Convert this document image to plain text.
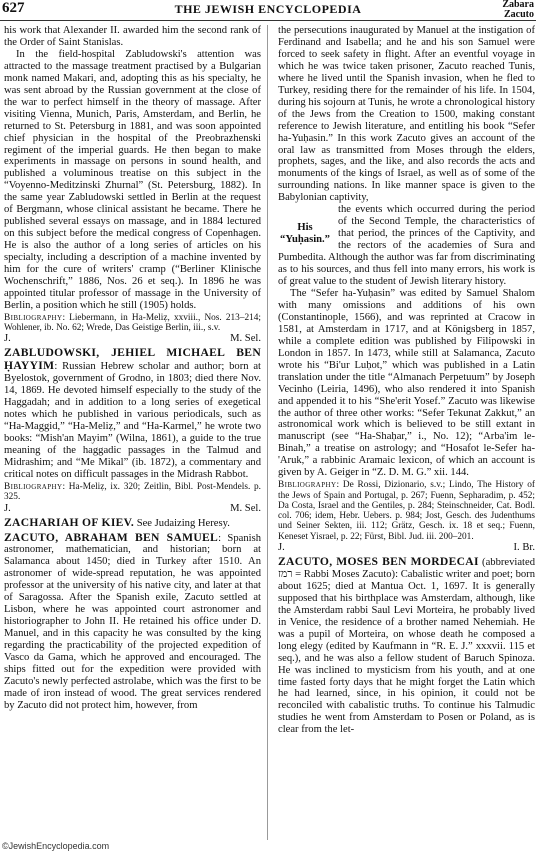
627	THE JEWISH ENCYCLOPEDIA	Zabara
Zacuto

his work that Alexander II. awarded him the second rank of the Order of Saint Stanislas.

In the field-hospital Zabludowski's attention was attracted to the massage treatment practised by a Bulgarian monk named Makari, and, adopting this as his specialty, he was sent abroad by the Russian government at the close of the war to perfect himself in the theory of massage. After visiting Vienna, Munich, Paris, Amsterdam, and Berlin, he returned to St. Petersburg in 1881, and was soon appointed chief physician in the hospital of the Preobrazhenski regiment of the imperial guards. He then began to make experiments in massage on persons in sound health, and published a voluminous treatise on this subject in the “Voyenno-Meditzinski Zhurnal” (St. Petersburg, 1882). In the same year Zabludowski settled in Berlin at the request of Bergmann, whose clinical assistant he became. There he published several essays on massage, and in 1884 lectured on this subject before the medical congress of Copenhagen. He is also the author of a long series of articles on his specialty, including a description of a machine invented by him for the cure of writers' cramp (“Berliner Klinische Wochenschrift,” 1886, Nos. 26 et seq.). In 1896 he was appointed titular professor of massage in the University of Berlin, a position which he still (1905) holds.

Bibliography: Liebermann, in Ha-Meliẓ, xxviii., Nos. 213–214; Wohlener, ib. No. 62; Wrede, Das Geistige Berlin, iii., s.v.

J.	M. Sel.

ZABLUDOWSKI, JEHIEL MICHAEL BEN ḤAYYIM: Russian Hebrew scholar and author; born at Byelostok, government of Grodno, in 1803; died there Nov. 14, 1869. He devoted himself especially to the study of the Haggadah; and in addition to a long series of exegetical notes which he published in various periodicals, such as “Ha-Maggid,” “Ha-Meliẓ,” and “Ha-Karmel,” he wrote two books: “Mish'an Mayim” (Wilna, 1861), a guide to the true meaning of the haggadic passages in the Talmud and Midrashim; and “Me Mikal” (ib. 1872), a commentary and critical notes on difficult passages in the Midrash Rabbot.

Bibliography: Ha-Meliẓ, ix. 320; Zeitlin, Bibl. Post-Mendels. p. 325.

J.	M. Sel.

ZACHARIAH OF KIEV. See Judaizing Heresy.

ZACUTO, ABRAHAM BEN SAMUEL: Spanish astronomer, mathematician, and historian; born at Salamanca about 1450; died in Turkey after 1510. An astronomer of wide-spread reputation, he was appointed professor at the university of his native city, and later at that of Saragossa. After the Spanish exile, Zacuto settled at Lisbon, where he was appointed court astronomer and historiographer to John II. He retained his office under D. Manuel, and in this capacity he was consulted by the king regarding the practicability of the projected expedition of Vasco da Gama, which he approved and encouraged. The ships fitted out for the expedition were provided with Zacuto's newly perfected astrolabe, which was the first to be made of iron instead of wood. The great services rendered by Zacuto did not protect him, however, from

the persecutions inaugurated by Manuel at the instigation of Ferdinand and Isabella; and he and his son Samuel were forced to seek safety in flight. After an eventful voyage in which he was twice taken prisoner, Zacuto reached Tunis, where he lived until the Spanish invasion, when he fled to Turkey, residing there for the remainder of his life. In 1504, during his sojourn at Tunis, he wrote a chronological history of the Jews from the Creation to 1500, making constant reference to Jewish literature, and entitling his book “Sefer ha-Yuḥasin.” In this work Zacuto gives an account of the oral law as transmitted from Moses through the elders, prophets, sages, and the like, and also records the acts and monuments of the kings of Israel, as well as of some of the surrounding nations. In like manner space is given to the Babylonian captivity,

His “Yuḥasin.”

the events which occurred during the period of the Second Temple, the characteristics of that period, the princes of the Captivity, and the rectors of the academies of Sura and Pumbedita. Although the author was far from discriminating as to his sources, and thus fell into many errors, his work is of great value to the student of Jewish literary history.

The “Sefer ha-Yuḥasin” was edited by Samuel Shalom with many omissions and additions of his own (Constantinople, 1566), and was reprinted at Cracow in 1581, at Amsterdam in 1717, and at Königsberg in 1857, while a complete edition was published by Filipowski in London in 1857. In 1473, while still at Salamanca, Zacuto wrote his “Bi'ur Luḥot,” which was published in a Latin translation under the title “Almanach Perpetuum” by Joseph Vecinho (Leiria, 1496), who also rendered it into Spanish and appended it to his “She'erit Yosef.” Zacuto was likewise the author of three other works: “Sefer Tekunat Zakkut,” an astronomical work which is believed to be still extant in manuscript (see “Ha-Shaḥar,” i., No. 12); “Arba'im le-Binah,” a treatise on astrology; and “Hosafot le-Sefer ha-'Aruk,” a rabbinic Aramaic lexicon, of which an account is given by A. Geiger in “Z. D. M. G.” xii. 144.

Bibliography: De Rossi, Dizionario, s.v.; Lindo, The History of the Jews of Spain and Portugal, p. 267; Fuenn, Sepharadim, p. 452; Da Costa, Israel and the Gentiles, p. 284; Steinschneider, Cat. Bodl. col. 706; idem, Hebr. Uebers. p. 984; Jost, Gesch. des Judenthums und Seiner Sekten, iii. 112; Grätz, Gesch. ix. 18 et seq.; Fuenn, Keneset Yisrael, p. 22; Fürst, Bibl. Jud. iii. 200–201.

J.	I. Br.

ZACUTO, MOSES BEN MORDECAI (abbreviated רמז = Rabbi Moses Zacuto): Cabalistic writer and poet; born about 1625; died at Mantua Oct. 1, 1697. It is generally supposed that his birthplace was Amsterdam, although, like the Amsterdam rabbi Saul Levi Morteira, he probably lived in Venice, the residence of a brother named Nehemiah. He was a pupil of Morteira, on whose death he composed a long elegy (edited by Kaufmann in “R. E. J.” xxxvii. 115 et seq.), and he was also a fellow student of Baruch Spinoza. He was inclined to mysticism from his youth, and at one time fasted forty days that he might forget the Latin which he had learned, since, in his opinion, it could not be reconciled with cabalistic truths. To continue his Talmudic studies he went from Amsterdam to Posen or Poland, as is clear from the let-

©JewishEncyclopedia.com
